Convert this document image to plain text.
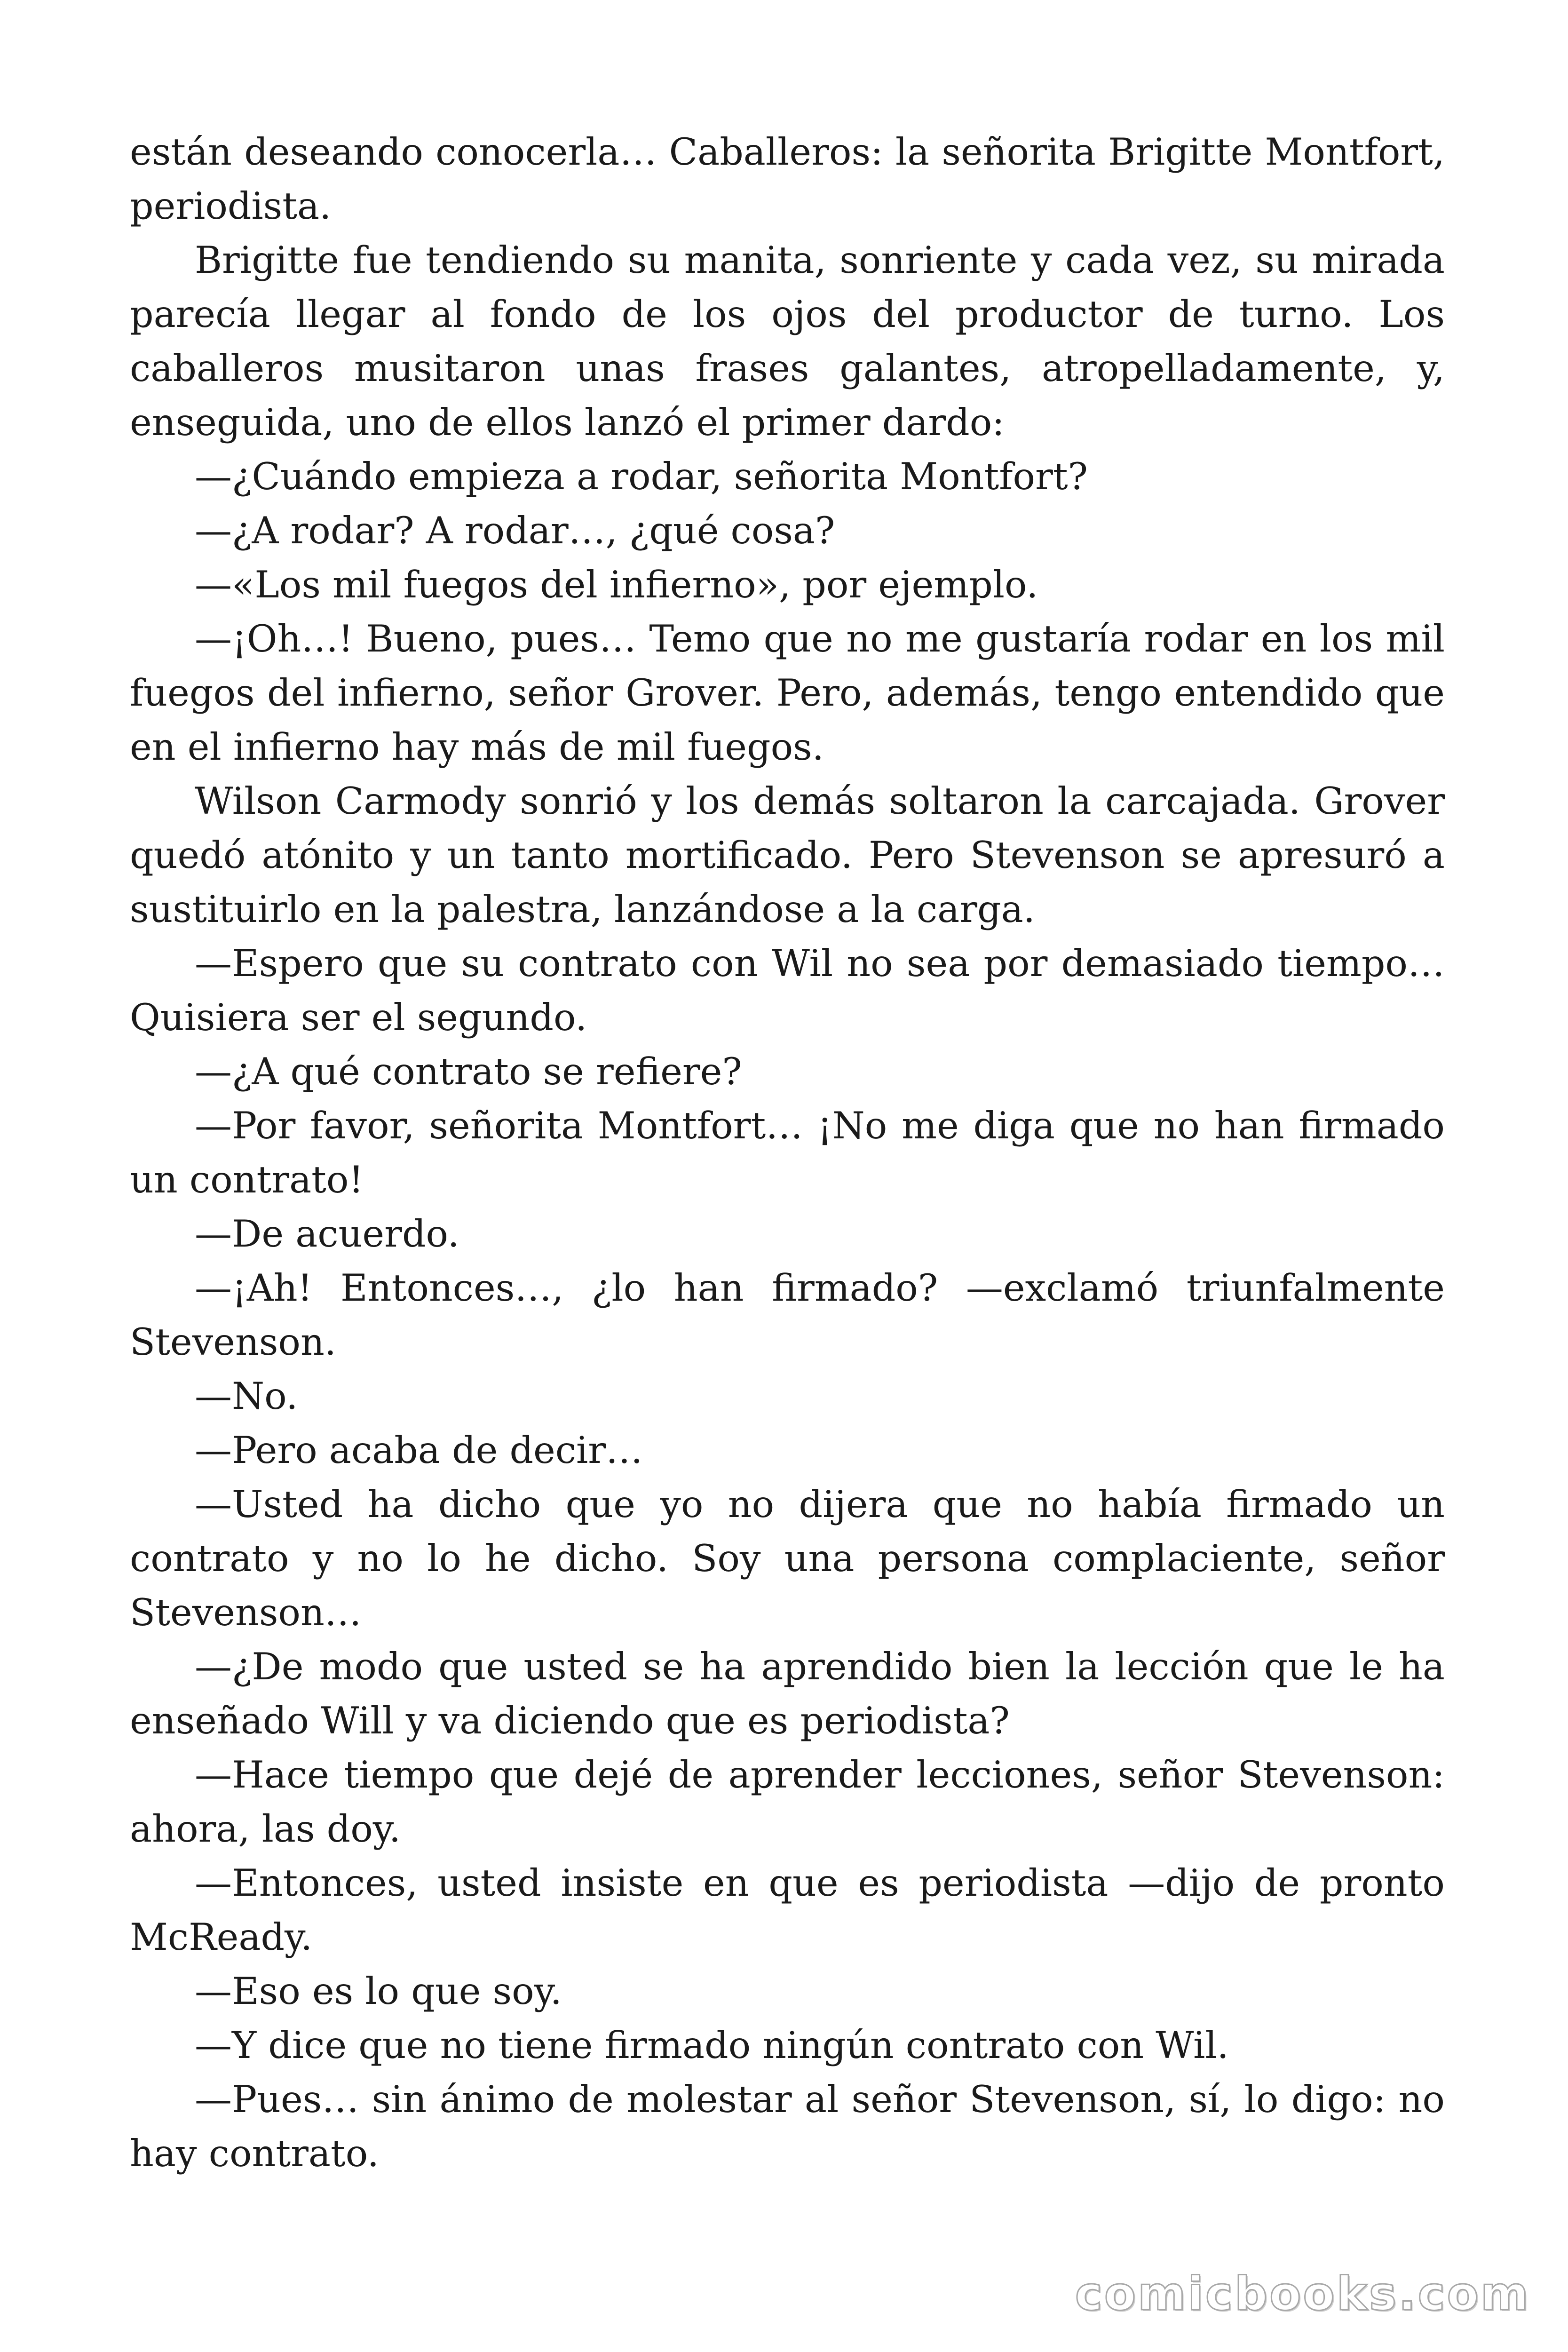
están deseando conocerla… Caballeros: la señorita Brigitte Montfort, periodista.

Brigitte fue tendiendo su manita, sonriente y cada vez, su mirada parecía llegar al fondo de los ojos del productor de turno. Los caballeros musitaron unas frases galantes, atropelladamente, y, enseguida, uno de ellos lanzó el primer dardo:

—¿Cuándo empieza a rodar, señorita Montfort?

—¿A rodar? A rodar…, ¿qué cosa?

—«Los mil fuegos del infierno», por ejemplo.

—¡Oh…! Bueno, pues… Temo que no me gustaría rodar en los mil fuegos del infierno, señor Grover. Pero, además, tengo entendido que en el infierno hay más de mil fuegos.

Wilson Carmody sonrió y los demás soltaron la carcajada. Grover quedó atónito y un tanto mortificado. Pero Stevenson se apresuró a sustituirlo en la palestra, lanzándose a la carga.

—Espero que su contrato con Wil no sea por demasiado tiempo… Quisiera ser el segundo.

—¿A qué contrato se refiere?

—Por favor, señorita Montfort… ¡No me diga que no han firmado un contrato!

—De acuerdo.

—¡Ah! Entonces…, ¿lo han firmado? —exclamó triunfalmente Stevenson.

—No.

—Pero acaba de decir…

—Usted ha dicho que yo no dijera que no había firmado un contrato y no lo he dicho. Soy una persona complaciente, señor Stevenson…

—¿De modo que usted se ha aprendido bien la lección que le ha enseñado Will y va diciendo que es periodista?

—Hace tiempo que dejé de aprender lecciones, señor Stevenson: ahora, las doy.

—Entonces, usted insiste en que es periodista —dijo de pronto McReady.

—Eso es lo que soy.

—Y dice que no tiene firmado ningún contrato con Wil.

—Pues… sin ánimo de molestar al señor Stevenson, sí, lo digo: no hay contrato.

comicbooks.com
